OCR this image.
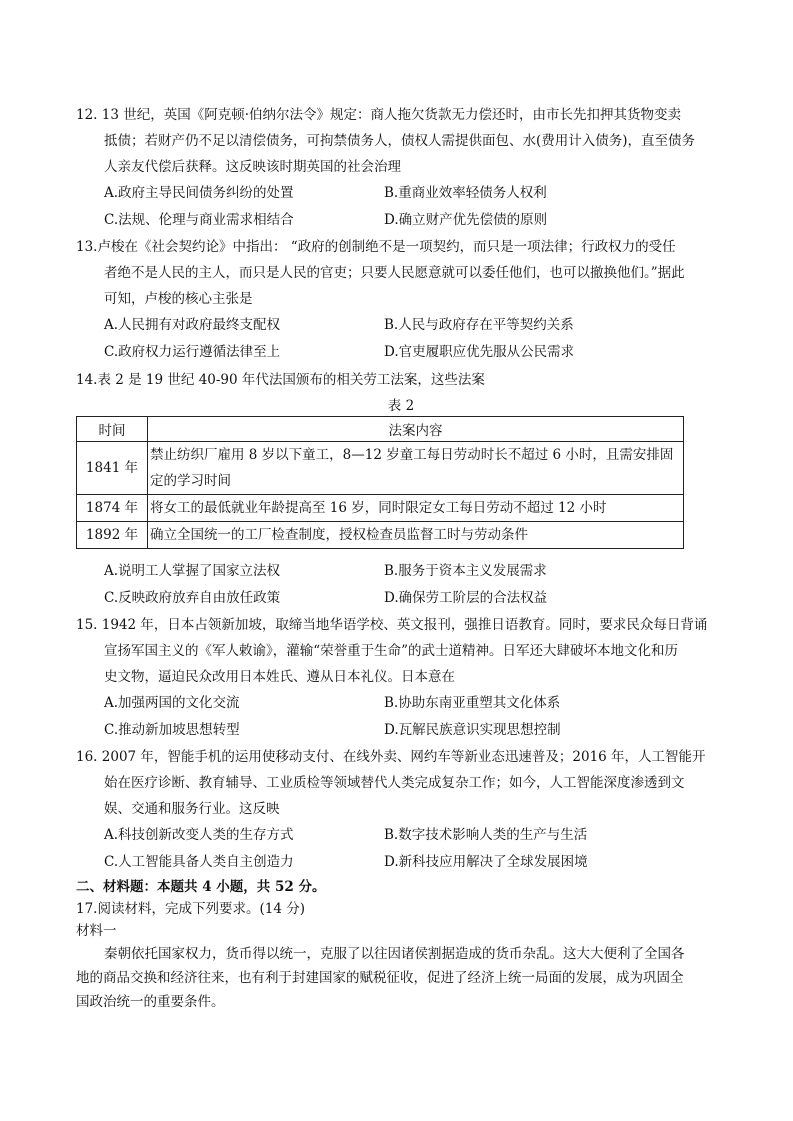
12. 13 世纪，英国《阿克顿·伯纳尔法令》规定：商人拖欠货款无力偿还时，由市长先扣押其货物变卖
抵债；若财产仍不足以清偿债务，可拘禁债务人，债权人需提供面包、水(费用计入债务)，直至债务
人亲友代偿后获释。这反映该时期英国的社会治理
A.政府主导民间债务纠纷的处置	B.重商业效率轻债务人权利
C.法规、伦理与商业需求相结合	D.确立财产优先偿债的原则
13.卢梭在《社会契约论》中指出： “政府的创制绝不是一项契约，而只是一项法律；行政权力的受任
者绝不是人民的主人，而只是人民的官吏；只要人民愿意就可以委任他们，也可以撤换他们。”据此
可知，卢梭的核心主张是
A.人民拥有对政府最终支配权	B.人民与政府存在平等契约关系
C.政府权力运行遵循法律至上	D.官吏履职应优先服从公民需求
14.表 2 是 19 世纪 40-90 年代法国颁布的相关劳工法案，这些法案
表 2
时间	法案内容
1841 年	禁止纺织厂雇用 8 岁以下童工，8—12 岁童工每日劳动时长不超过 6 小时，且需安排固
定的学习时间
1874 年	将女工的最低就业年龄提高至 16 岁，同时限定女工每日劳动不超过 12 小时
1892 年	确立全国统一的工厂检查制度，授权检查员监督工时与劳动条件
A.说明工人掌握了国家立法权	B.服务于资本主义发展需求
C.反映政府放弃自由放任政策	D.确保劳工阶层的合法权益
15. 1942 年，日本占领新加坡，取缔当地华语学校、英文报刊，强推日语教育。同时，要求民众每日背诵
宣扬军国主义的《军人敕谕》，灌输“荣誉重于生命”的武士道精神。日军还大肆破坏本地文化和历
史文物，逼迫民众改用日本姓氏、遵从日本礼仪。日本意在
A.加强两国的文化交流	B.协助东南亚重塑其文化体系
C.推动新加坡思想转型	D.瓦解民族意识实现思想控制
16. 2007 年，智能手机的运用使移动支付、在线外卖、网约车等新业态迅速普及；2016 年，人工智能开
始在医疗诊断、教育辅导、工业质检等领域替代人类完成复杂工作；如今，人工智能深度渗透到文
娱、交通和服务行业。这反映
A.科技创新改变人类的生存方式	B.数字技术影响人类的生产与生活
C.人工智能具备人类自主创造力	D.新科技应用解决了全球发展困境
二、材料题：本题共 4 小题，共 52 分。
17.阅读材料，完成下列要求。(14 分)
材料一
秦朝依托国家权力，货币得以统一，克服了以往因诸侯割据造成的货币杂乱。这大大便利了全国各
地的商品交换和经济往来，也有利于封建国家的赋税征收，促进了经济上统一局面的发展，成为巩固全
国政治统一的重要条件。
